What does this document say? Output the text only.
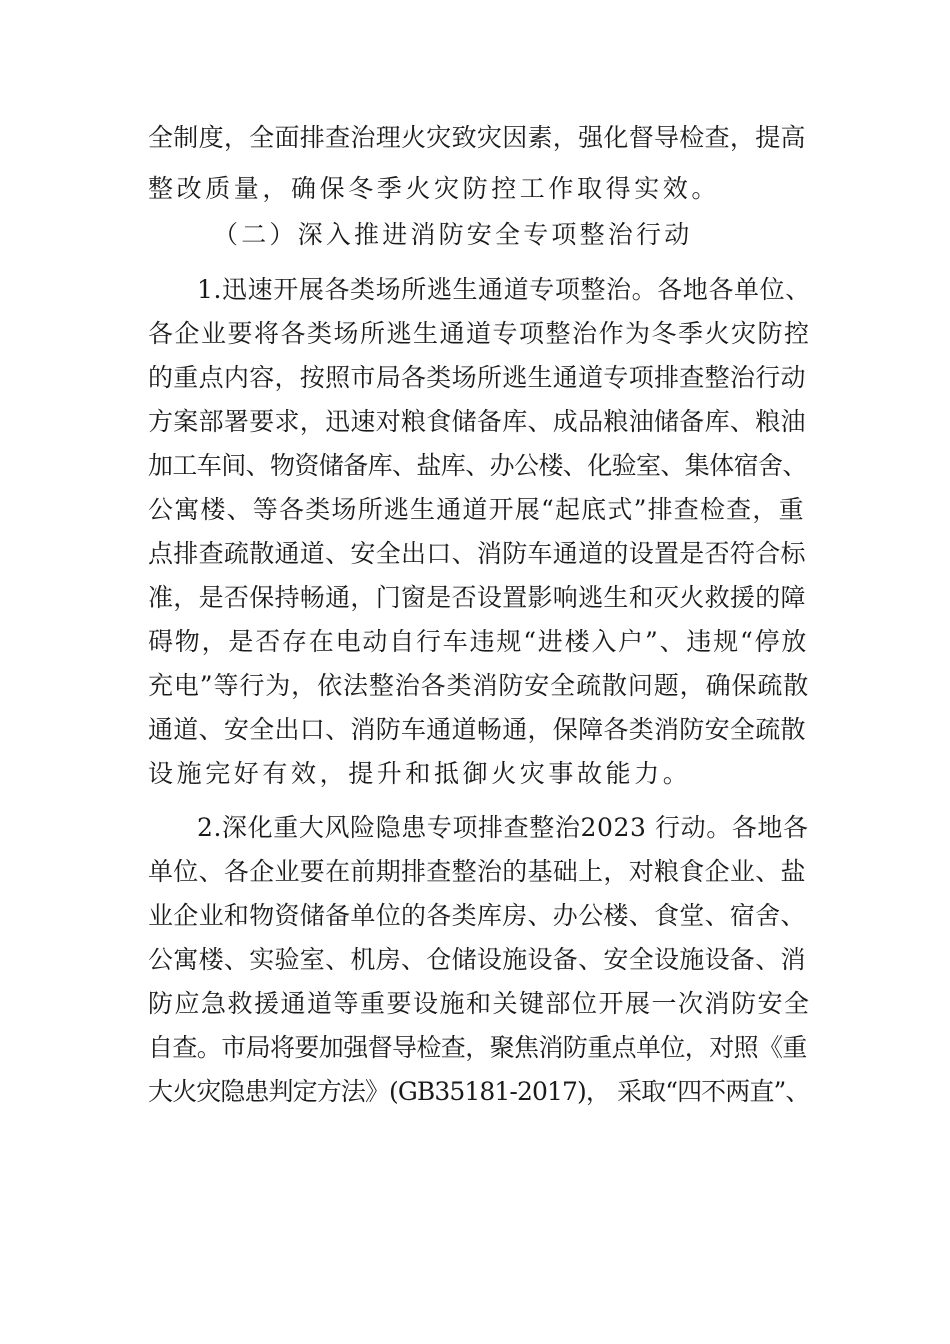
全制度，全面排查治理火灾致灾因素，强化督导检查，提高
整改质量，确保冬季火灾防控工作取得实效。
（二）深入推进消防安全专项整治行动
1.迅速开展各类场所逃生通道专项整治。各地各单位、
各企业要将各类场所逃生通道专项整治作为冬季火灾防控
的重点内容，按照市局各类场所逃生通道专项排查整治行动
方案部署要求，迅速对粮食储备库、成品粮油储备库、粮油
加工车间、物资储备库、盐库、办公楼、化验室、集体宿舍、
公寓楼、等各类场所逃生通道开展“起底式”排查检查，重
点排查疏散通道、安全出口、消防车通道的设置是否符合标
准，是否保持畅通，门窗是否设置影响逃生和灭火救援的障
碍物，是否存在电动自行车违规“进楼入户”、违规“停放
充电”等行为，依法整治各类消防安全疏散问题，确保疏散
通道、安全出口、消防车通道畅通，保障各类消防安全疏散
设施完好有效，提升和抵御火灾事故能力。
2.深化重大风险隐患专项排查整治2023 行动。各地各
单位、各企业要在前期排查整治的基础上，对粮食企业、盐
业企业和物资储备单位的各类库房、办公楼、食堂、宿舍、
公寓楼、实验室、机房、仓储设施设备、安全设施设备、消
防应急救援通道等重要设施和关键部位开展一次消防安全
自查。市局将要加强督导检查，聚焦消防重点单位，对照《重
大火灾隐患判定方法》(GB35181-2017)， 采取“四不两直”、
